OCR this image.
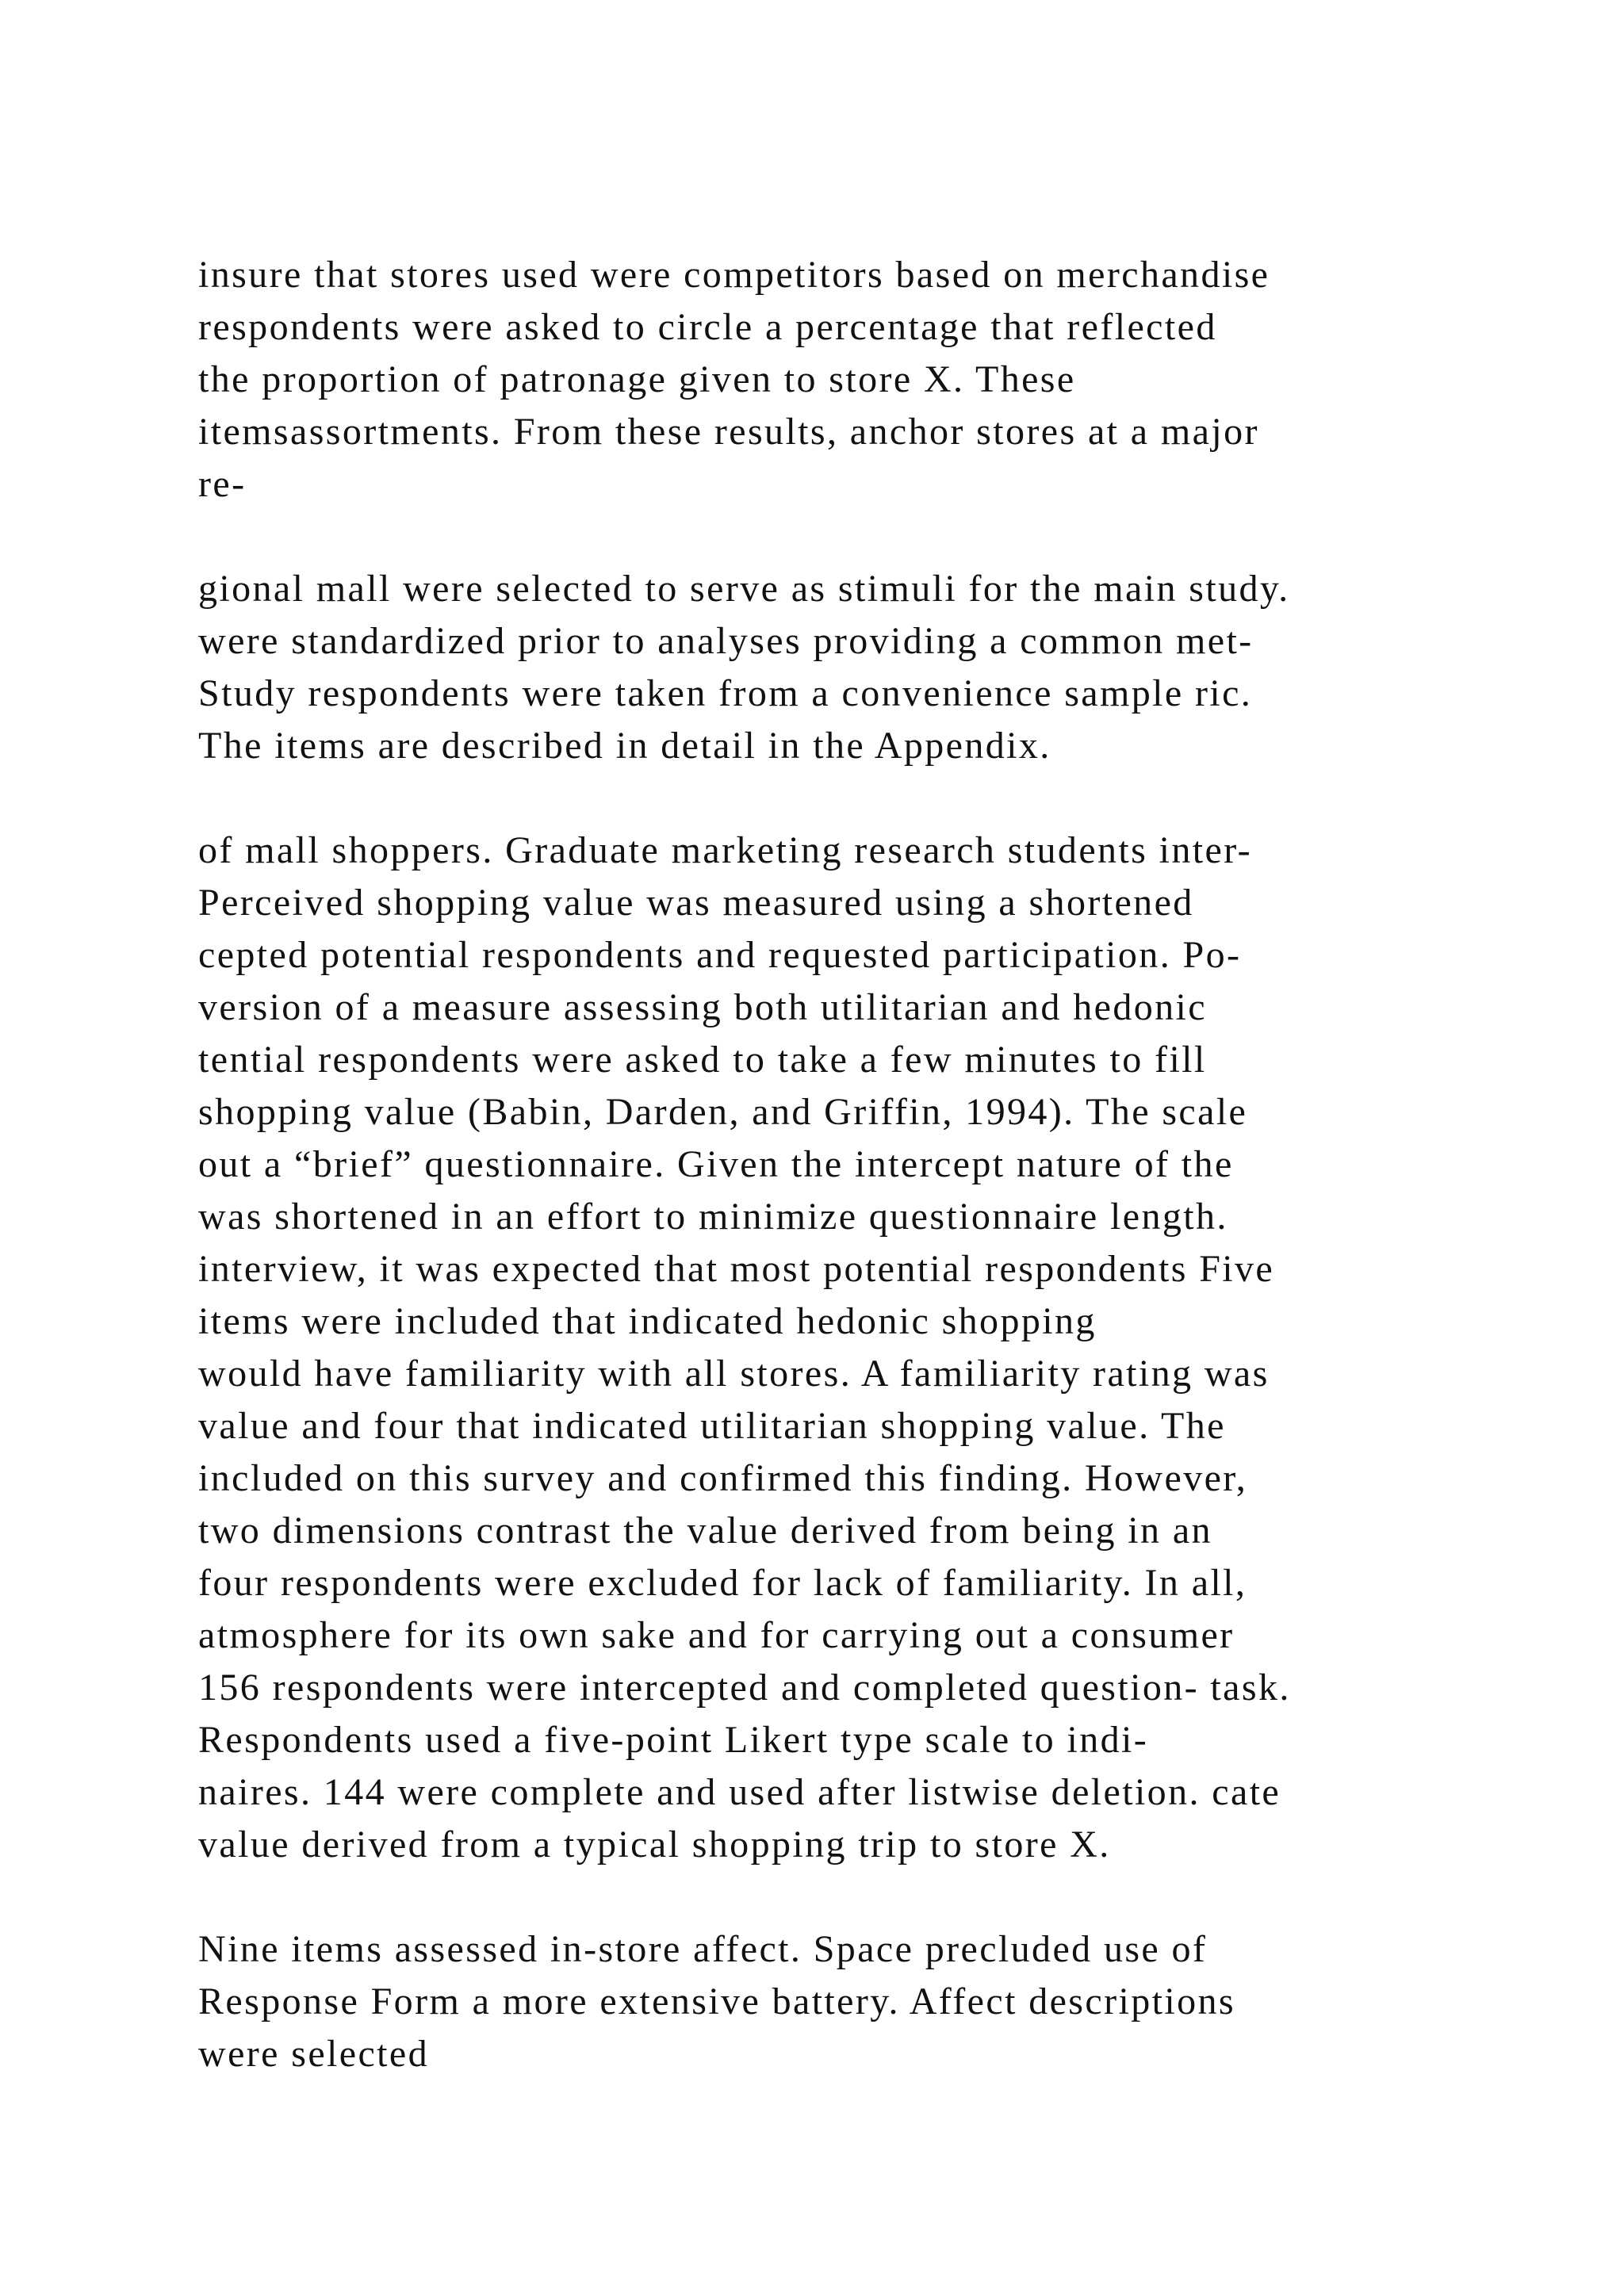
insure that stores used were competitors based on merchandise
respondents were asked to circle a percentage that reflected
the proportion of patronage given to store X. These
itemsassortments. From these results, anchor stores at a major
re-
gional mall were selected to serve as stimuli for the main study.
were standardized prior to analyses providing a common met-
Study respondents were taken from a convenience sample ric.
The items are described in detail in the Appendix.
of mall shoppers. Graduate marketing research students inter-
Perceived shopping value was measured using a shortened
cepted potential respondents and requested participation. Po-
version of a measure assessing both utilitarian and hedonic
tential respondents were asked to take a few minutes to fill
shopping value (Babin, Darden, and Griffin, 1994). The scale
out a “brief” questionnaire. Given the intercept nature of the
was shortened in an effort to minimize questionnaire length.
interview, it was expected that most potential respondents Five
items were included that indicated hedonic shopping
would have familiarity with all stores. A familiarity rating was
value and four that indicated utilitarian shopping value. The
included on this survey and confirmed this finding. However,
two dimensions contrast the value derived from being in an
four respondents were excluded for lack of familiarity. In all,
atmosphere for its own sake and for carrying out a consumer
156 respondents were intercepted and completed question- task.
Respondents used a five-point Likert type scale to indi-
naires. 144 were complete and used after listwise deletion. cate
value derived from a typical shopping trip to store X.
Nine items assessed in-store affect. Space precluded use of
Response Form a more extensive battery. Affect descriptions
were selected
